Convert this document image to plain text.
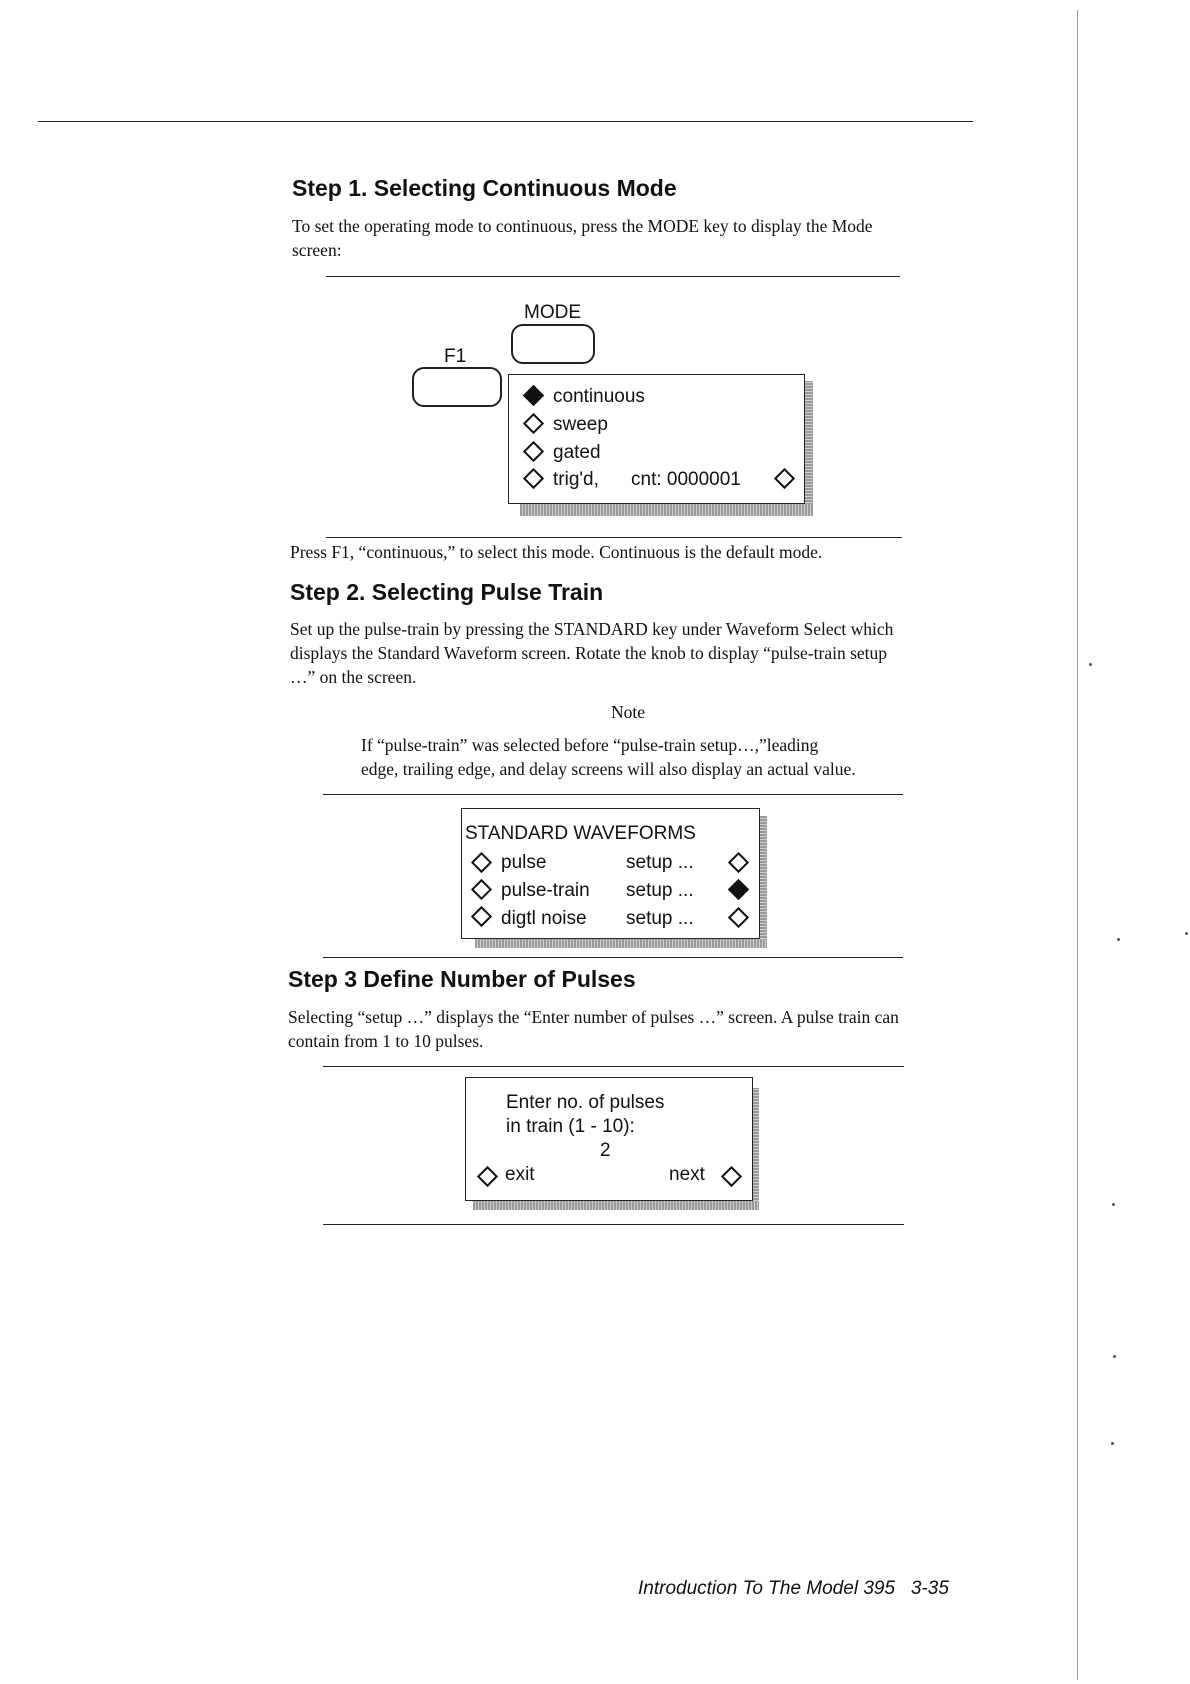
Step 1. Selecting Continuous Mode
To set the operating mode to continuous, press the MODE key to display the Mode
screen:
MODE
F1
continuous
sweep
gated
trig'd, cnt: 0000001
Press F1, “continuous,” to select this mode. Continuous is the default mode.
Step 2. Selecting Pulse Train
Set up the pulse-train by pressing the STANDARD key under Waveform Select which
displays the Standard Waveform screen. Rotate the knob to display “pulse-train setup
…” on the screen.
Note
If “pulse-train” was selected before “pulse-train setup…,”leading
edge, trailing edge, and delay screens will also display an actual value.
STANDARD WAVEFORMS
pulse	setup ...
pulse-train setup ...
digtl noise setup ...
Step 3 Define Number of Pulses
Selecting “setup …” displays the “Enter number of pulses …” screen. A pulse train can
contain from 1 to 10 pulses.
Enter no. of pulses
in train (1 - 10):
2
exit	next
Introduction To The Model 395   3-35
